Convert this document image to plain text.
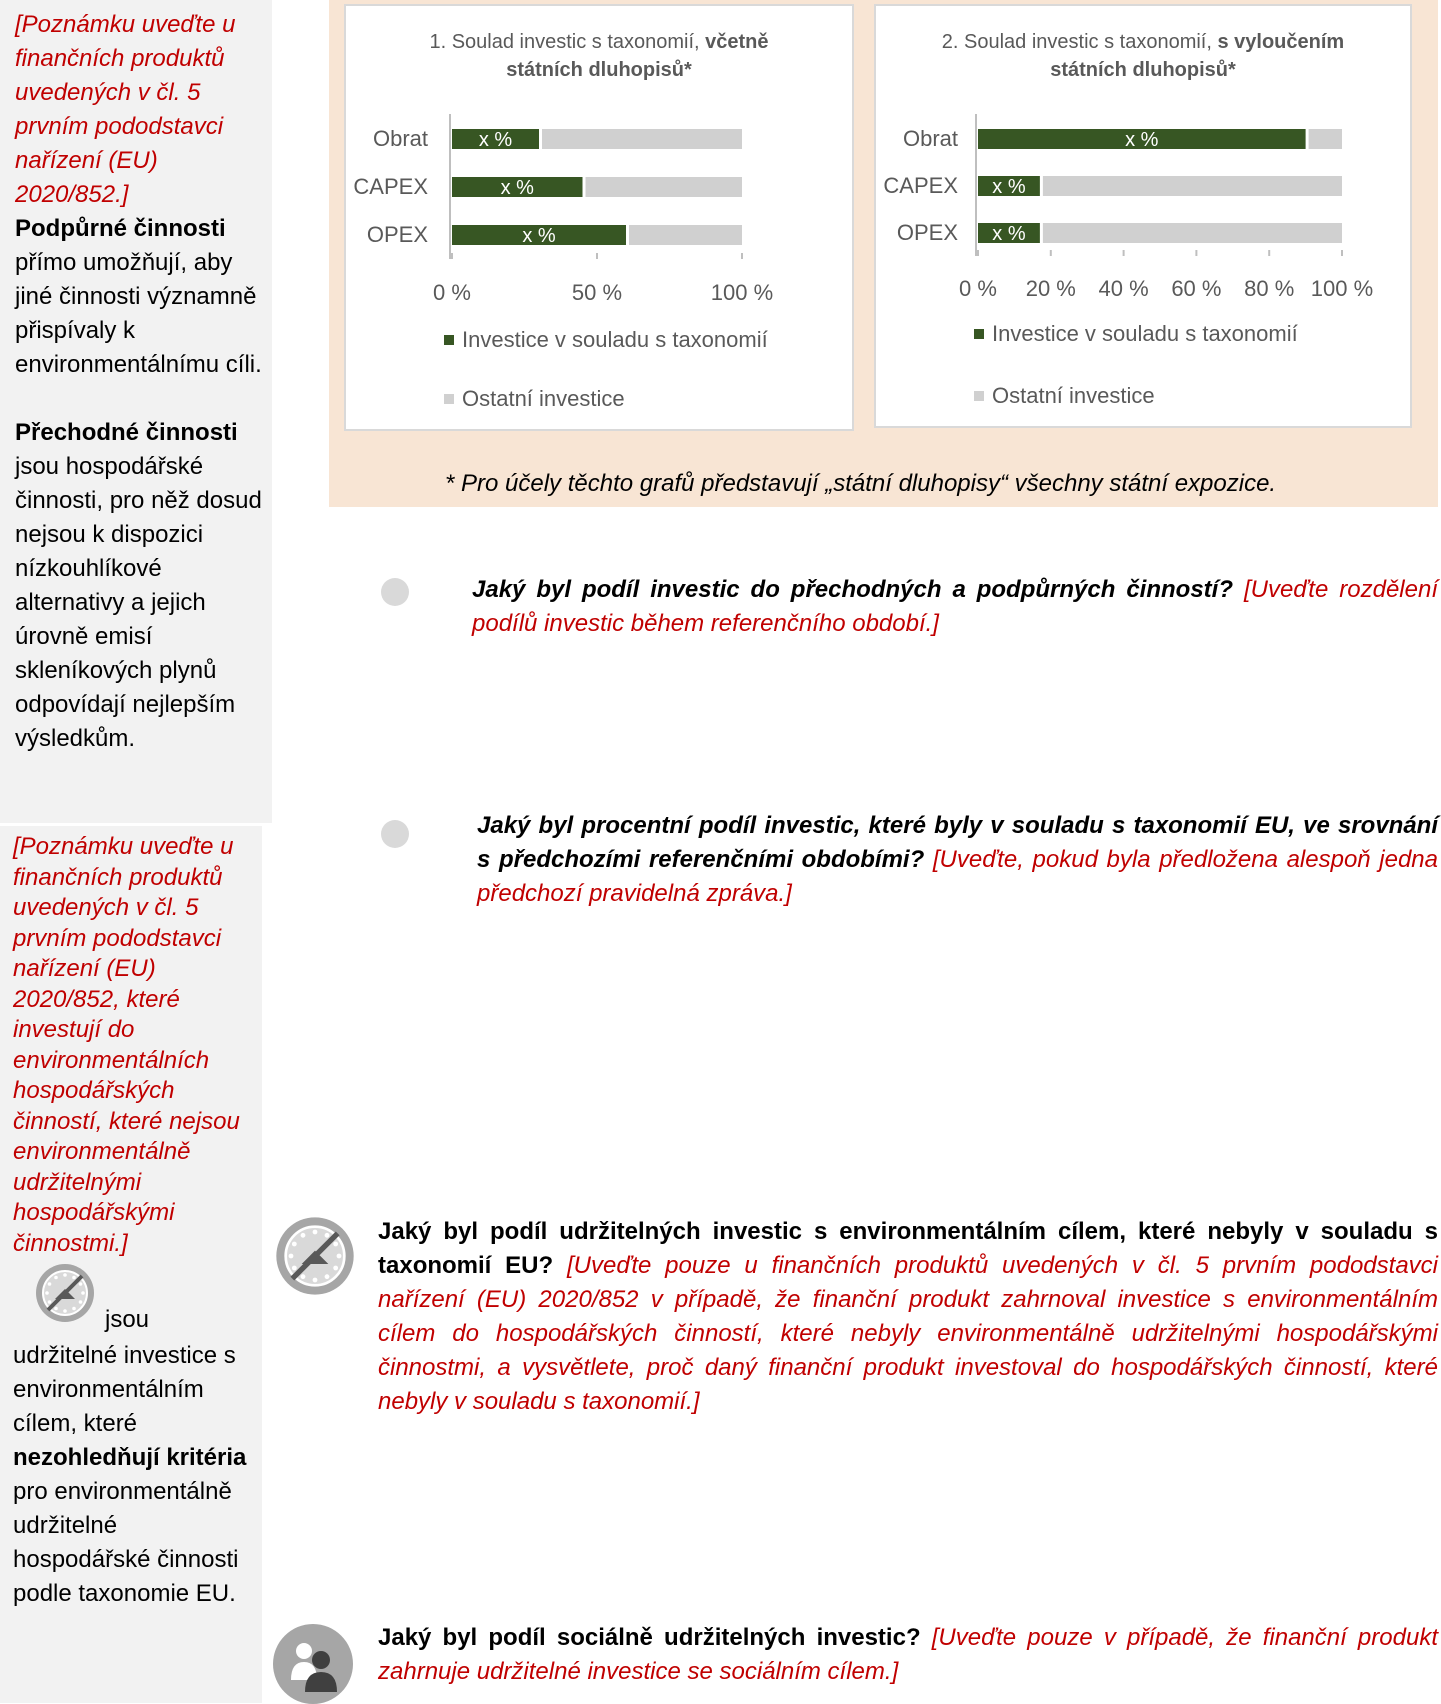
[Poznámku uveďte u finančních produktů uvedených v čl. 5 prvním pododstavci nařízení (EU) 2020/852.]
Podpůrné činnosti přímo umožňují, aby jiné činnosti významně přispívaly k environmentálnímu cíli.
Přechodné činnosti jsou hospodářské činnosti, pro něž dosud nejsou k dispozici nízkouhlíkové alternativy a jejich úrovně emisí skleníkových plynů odpovídají nejlepším výsledkům.
[Poznámku uveďte u finančních produktů uvedených v čl. 5 prvním pododstavci nařízení (EU) 2020/852, které investují do environmentálních hospodářských činností, které nejsou environmentálně udržitelnými hospodářskými činnostmi.]
jsou
udržitelné investice s environmentálním cílem, které nezohledňují kritéria pro environmentálně udržitelné hospodářské činnosti podle taxonomie EU.
1. Soulad investic s taxonomií, včetně
státních dluhopisů*
0 %	50 %	100 %
Obrat	x %
CAPEX	x %
OPEX	x %
Investice v souladu s taxonomií
Ostatní investice
2. Soulad investic s taxonomií, s vyloučením
státních dluhopisů*
0 % 20 % 40 % 60 % 80 % 100 %
Obrat	x %
CAPEX x %
OPEX x %
Investice v souladu s taxonomií
Ostatní investice
* Pro účely těchto grafů představují „státní dluhopisy“ všechny státní expozice.
Jaký byl podíl investic do přechodných a podpůrných činností? [Uveďte rozdělení podílů investic během referenčního období.]
Jaký byl procentní podíl investic, které byly v souladu s taxonomií EU, ve srovnání s předchozími referenčními obdobími? [Uveďte, pokud byla předložena alespoň jedna předchozí pravidelná zpráva.]
Jaký byl podíl udržitelných investic s environmentálním cílem, které nebyly v souladu s taxonomií EU? [Uveďte pouze u finančních produktů uvedených v čl. 5 prvním pododstavci nařízení (EU) 2020/852 v případě, že finanční produkt zahrnoval investice s environmentálním cílem do hospodářských činností, které nebyly environmentálně udržitelnými hospodářskými činnostmi, a vysvětlete, proč daný finanční produkt investoval do hospodářských činností, které nebyly v souladu s taxonomií.]
Jaký byl podíl sociálně udržitelných investic? [Uveďte pouze v případě, že finanční produkt zahrnuje udržitelné investice se sociálním cílem.]
